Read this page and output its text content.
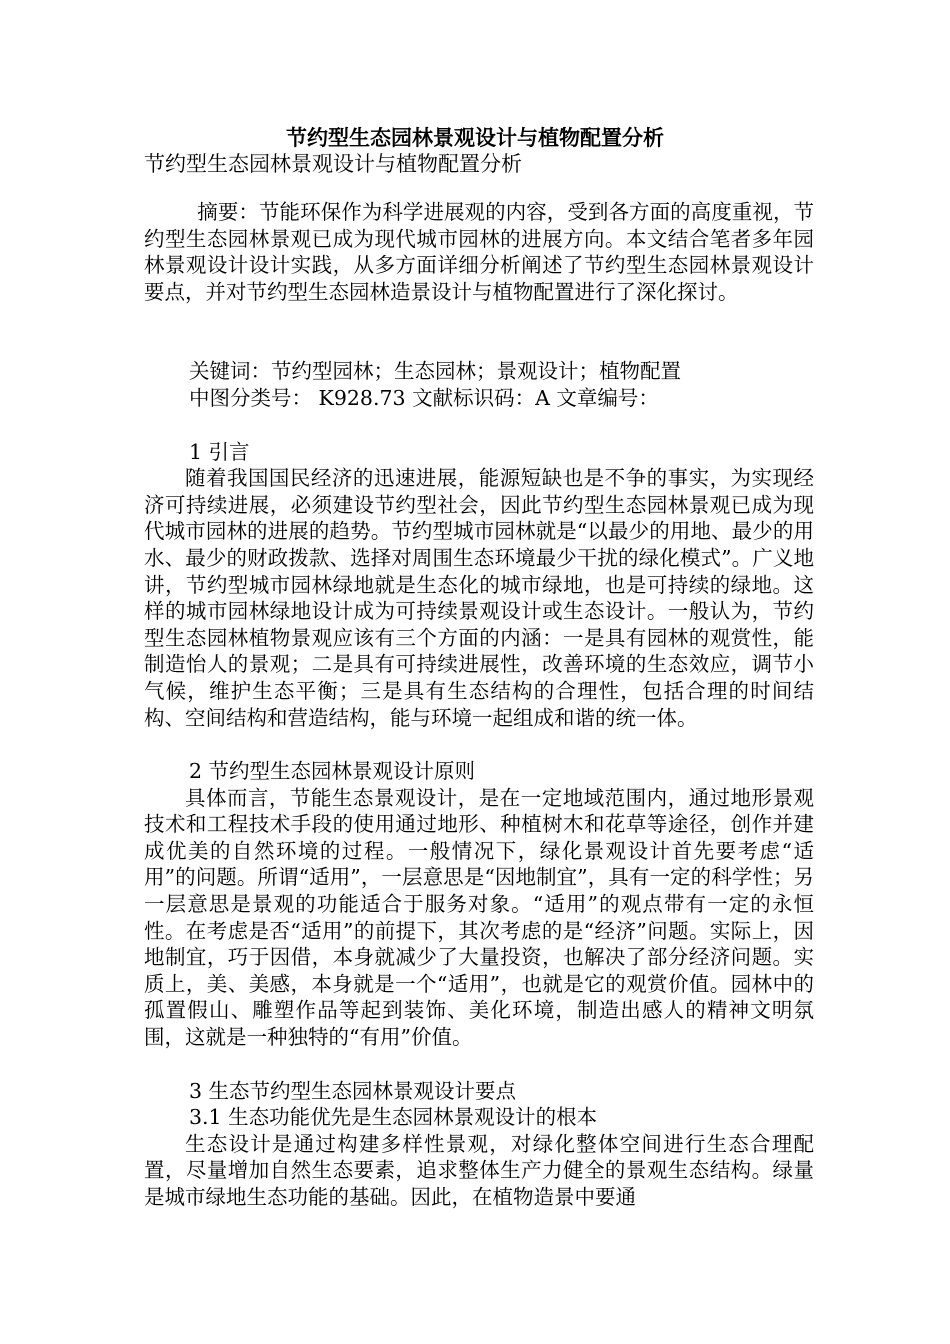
节约型生态园林景观设计与植物配置分析
节约型生态园林景观设计与植物配置分析

摘要：节能环保作为科学进展观的内容，受到各方面的高度重视，节约型生态园林景观已成为现代城市园林的进展方向。本文结合笔者多年园林景观设计设计实践，从多方面详细分析阐述了节约型生态园林景观设计要点，并对节约型生态园林造景设计与植物配置进行了深化探讨。

关键词：节约型园林；生态园林；景观设计；植物配置

中图分类号： K928.73 文献标识码：A 文章编号：

1 引言

随着我国国民经济的迅速进展，能源短缺也是不争的事实，为实现经济可持续进展，必须建设节约型社会，因此节约型生态园林景观已成为现代城市园林的进展的趋势。节约型城市园林就是“以最少的用地、最少的用水、最少的财政拨款、选择对周围生态环境最少干扰的绿化模式”。广义地讲，节约型城市园林绿地就是生态化的城市绿地，也是可持续的绿地。这样的城市园林绿地设计成为可持续景观设计或生态设计。一般认为，节约型生态园林植物景观应该有三个方面的内涵：一是具有园林的观赏性，能制造怡人的景观；二是具有可持续进展性，改善环境的生态效应，调节小气候，维护生态平衡；三是具有生态结构的合理性，包括合理的时间结构、空间结构和营造结构，能与环境一起组成和谐的统一体。

2 节约型生态园林景观设计原则

具体而言，节能生态景观设计，是在一定地域范围内，通过地形景观技术和工程技术手段的使用通过地形、种植树木和花草等途径，创作并建成优美的自然环境的过程。一般情况下，绿化景观设计首先要考虑“适用”的问题。所谓“适用”，一层意思是“因地制宜”，具有一定的科学性；另一层意思是景观的功能适合于服务对象。“适用”的观点带有一定的永恒性。在考虑是否“适用”的前提下，其次考虑的是“经济”问题。实际上，因地制宜，巧于因借，本身就减少了大量投资，也解决了部分经济问题。实质上，美、美感，本身就是一个“适用”，也就是它的观赏价值。园林中的孤置假山、雕塑作品等起到装饰、美化环境，制造出感人的精神文明氛围，这就是一种独特的“有用”价值。

3 生态节约型生态园林景观设计要点

3.1 生态功能优先是生态园林景观设计的根本

生态设计是通过构建多样性景观，对绿化整体空间进行生态合理配置，尽量增加自然生态要素，追求整体生产力健全的景观生态结构。绿量是城市绿地生态功能的基础。因此，在植物造景中要通
